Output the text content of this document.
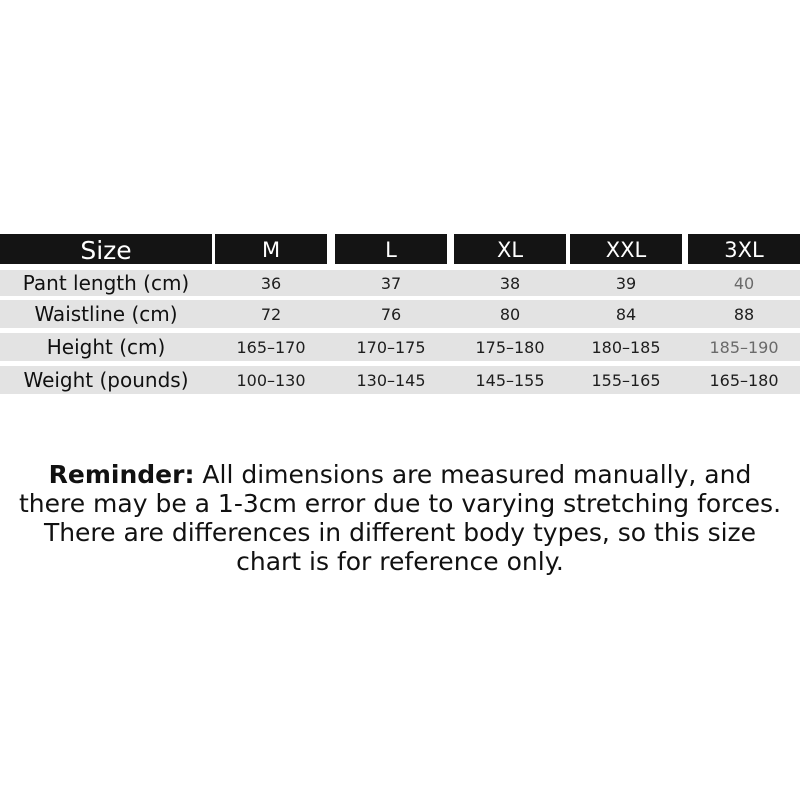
Size	M	L	XL	XXL	3XL
Pant length (cm)	36	37	38	39	40
Waistline (cm)	72	76	80	84	88
Height (cm)	165–170	170–175	175–180	180–185	185–190
Weight (pounds)	100–130	130–145	145–155	155–165	165–180
Reminder: All dimensions are measured manually, and there may be a 1-3cm error due to varying stretching forces. There are differences in different body types, so this size chart is for reference only.
